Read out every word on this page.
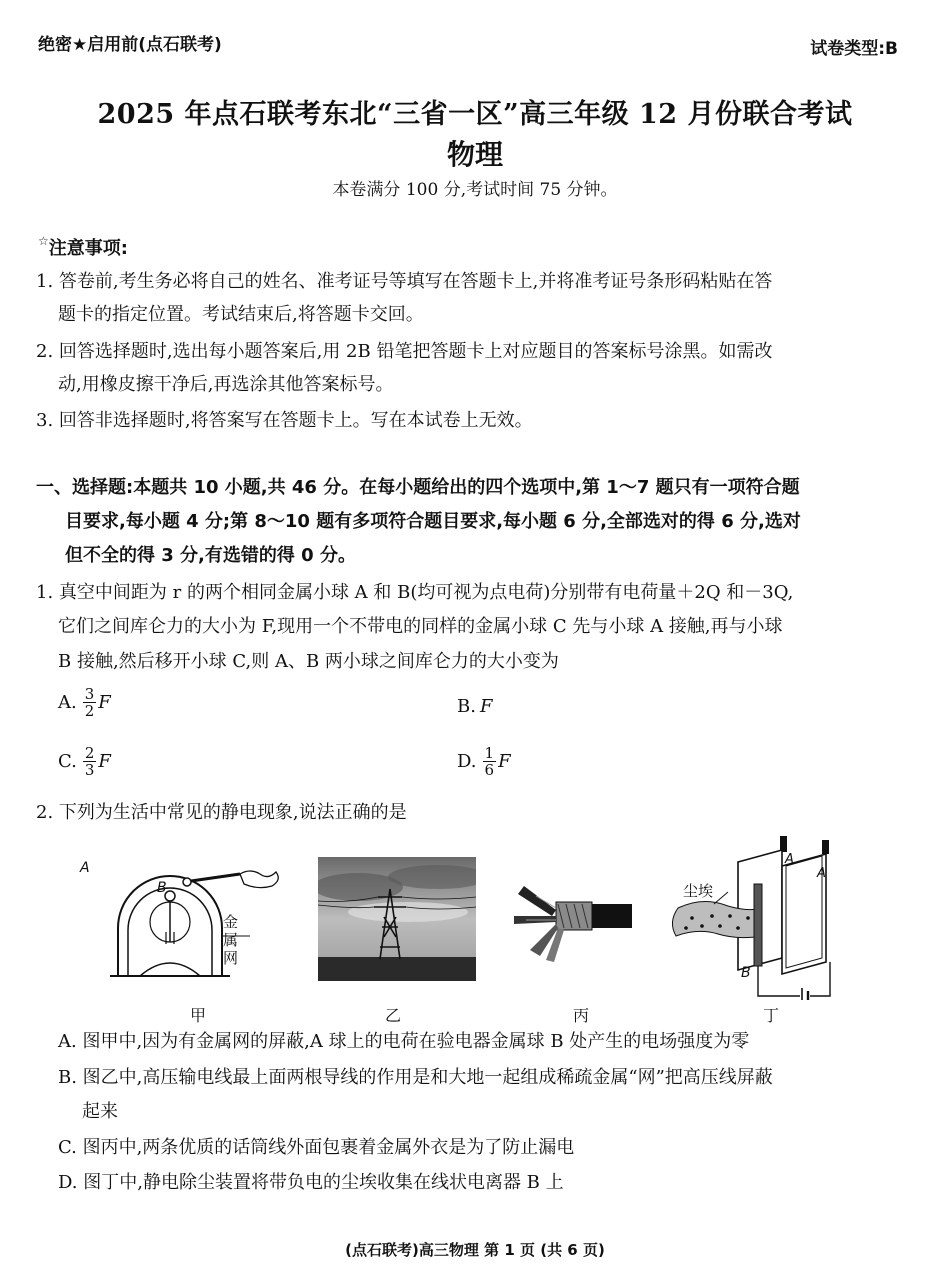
绝密★启用前(点石联考)	试卷类型:B
2025 年点石联考东北“三省一区”高三年级 12 月份联合考试
物理
本卷满分 100 分,考试时间 75 分钟。
☆注意事项:
1. 答卷前,考生务必将自己的姓名、准考证号等填写在答题卡上,并将准考证号条形码粘贴在答
题卡的指定位置。考试结束后,将答题卡交回。
2. 回答选择题时,选出每小题答案后,用 2B 铅笔把答题卡上对应题目的答案标号涂黑。如需改
动,用橡皮擦干净后,再选涂其他答案标号。
3. 回答非选择题时,将答案写在答题卡上。写在本试卷上无效。
一、选择题:本题共 10 小题,共 46 分。在每小题给出的四个选项中,第 1～7 题只有一项符合题
目要求,每小题 4 分;第 8～10 题有多项符合题目要求,每小题 6 分,全部选对的得 6 分,选对
但不全的得 3 分,有选错的得 0 分。
1. 真空中间距为 r 的两个相同金属小球 A 和 B(均可视为点电荷)分别带有电荷量＋2Q 和－3Q,
它们之间库仑力的大小为 F,现用一个不带电的同样的金属小球 C 先与小球 A 接触,再与小球
B 接触,然后移开小球 C,则 A、B 两小球之间库仑力的大小变为
A. $\frac{3}{2}$ F	B. F
C. $\frac{2}{3}$ F	D. $\frac{1}{6}$ F
2. 下列为生活中常见的静电现象,说法正确的是
A
B
金
属
网
尘埃
A
A
B
甲	乙	丙	丁
A. 图甲中,因为有金属网的屏蔽,A 球上的电荷在验电器金属球 B 处产生的电场强度为零
B. 图乙中,高压输电线最上面两根导线的作用是和大地一起组成稀疏金属“网”把高压线屏蔽
起来
C. 图丙中,两条优质的话筒线外面包裹着金属外衣是为了防止漏电
D. 图丁中,静电除尘装置将带负电的尘埃收集在线状电离器 B 上
(点石联考)高三物理 第 1 页 (共 6 页)
